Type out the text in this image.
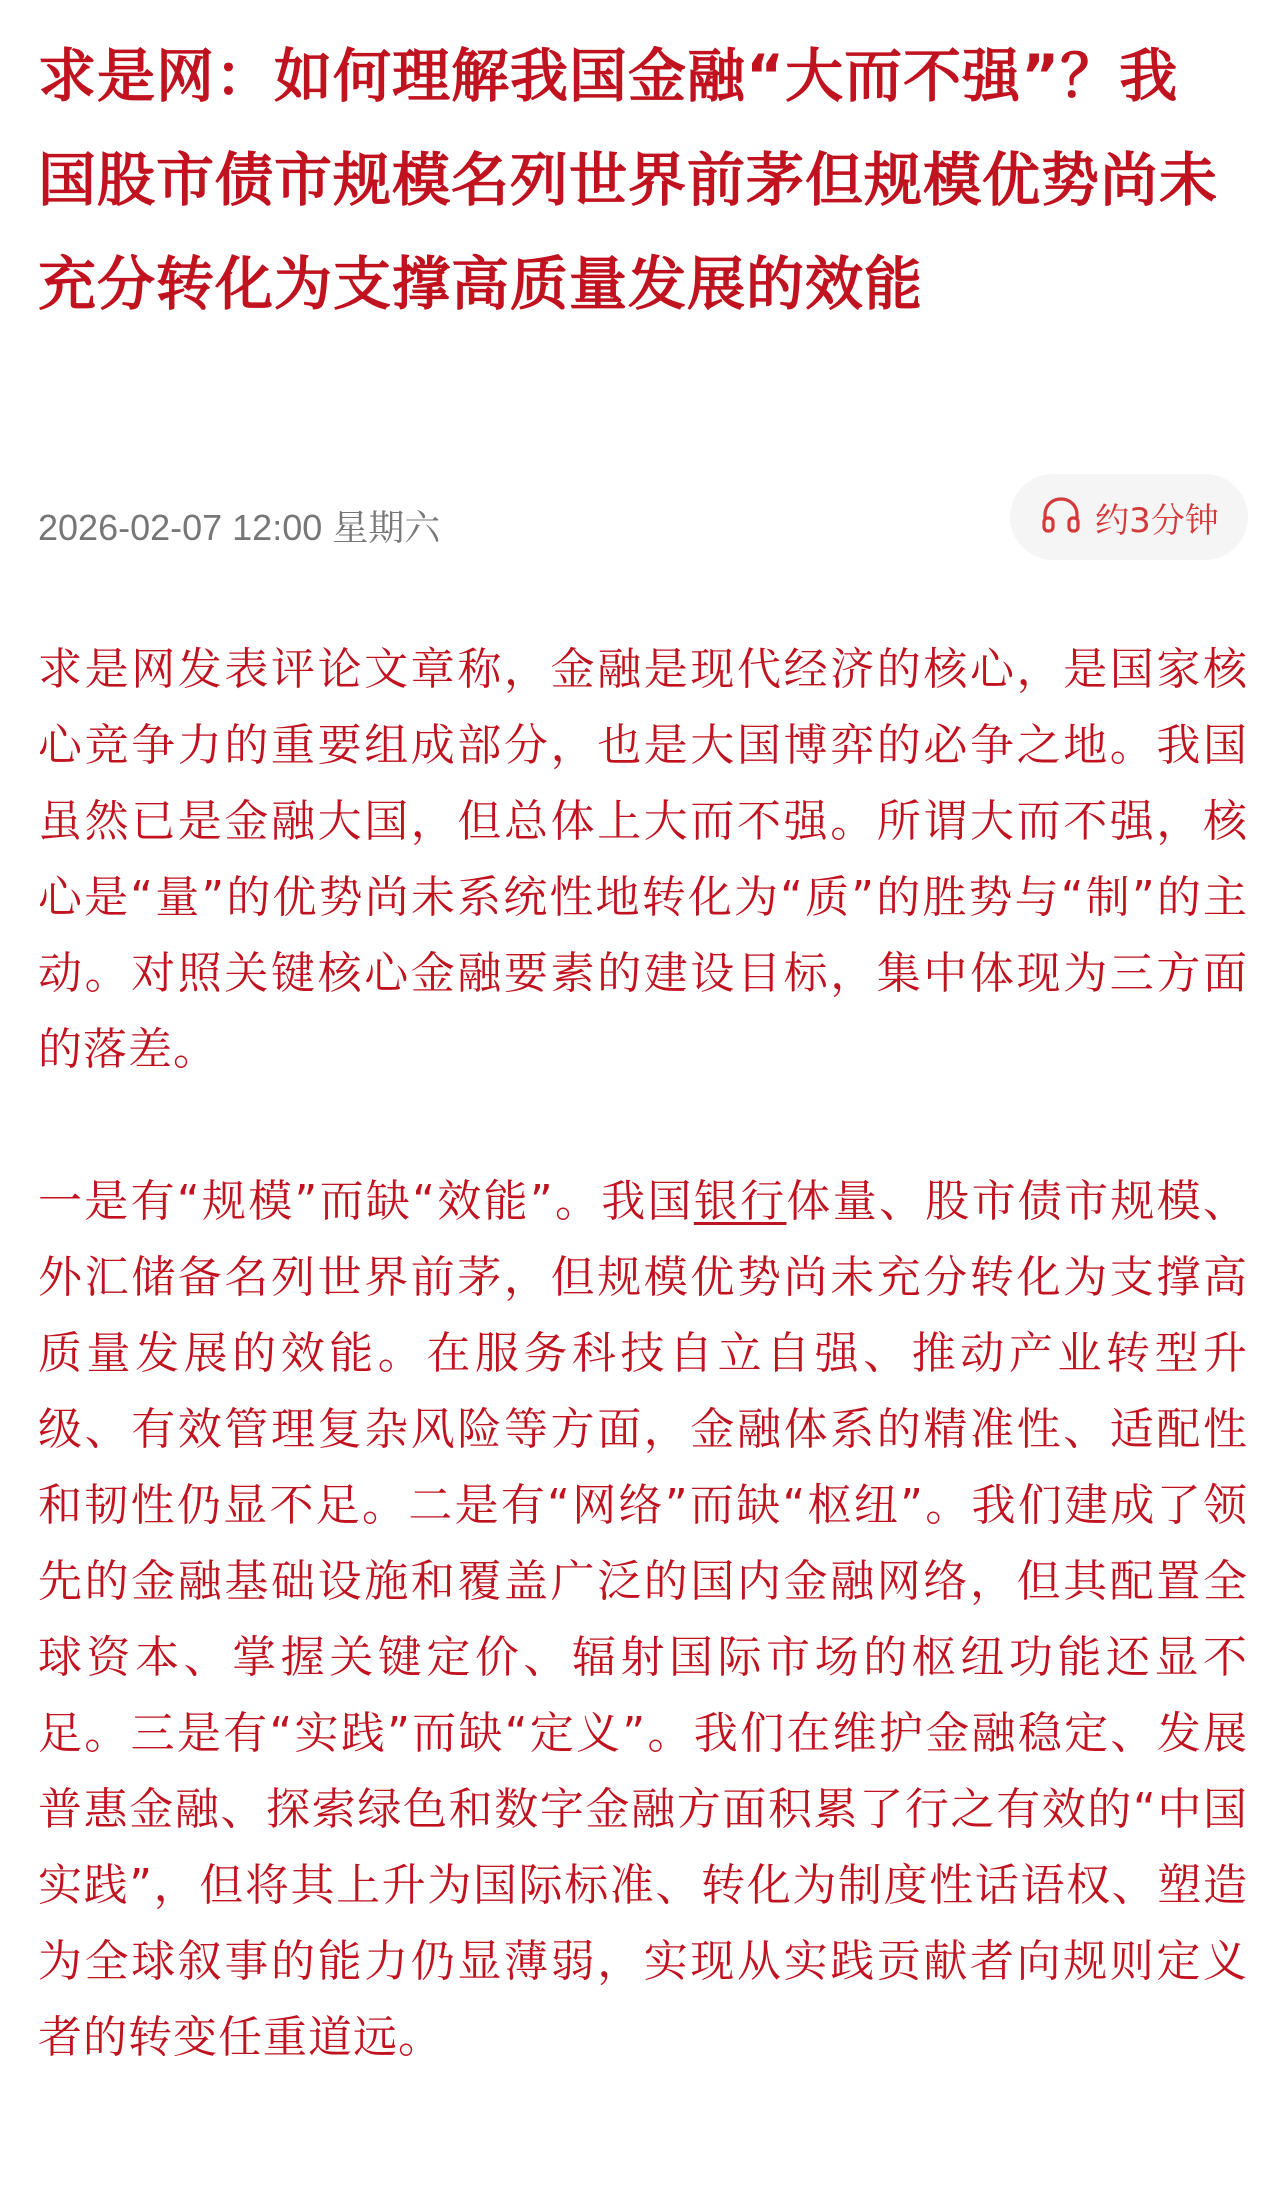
求是网：如何理解我国金融“大而不强”？我国股市债市规模名列世界前茅但规模优势尚未充分转化为支撑高质量发展的效能
2026-02-07 12:00 星期六	约3分钟

求是网发表评论文章称，金融是现代经济的核心，是国家核心竞争力的重要组成部分，也是大国博弈的必争之地。我国虽然已是金融大国，但总体上大而不强。所谓大而不强，核心是“量”的优势尚未系统性地转化为“质”的胜势与“制”的主动。对照关键核心金融要素的建设目标，集中体现为三方面的落差。

一是有“规模”而缺“效能”。我国银行体量、股市债市规模、外汇储备名列世界前茅，但规模优势尚未充分转化为支撑高质量发展的效能。在服务科技自立自强、推动产业转型升级、有效管理复杂风险等方面，金融体系的精准性、适配性和韧性仍显不足。二是有“网络”而缺“枢纽”。我们建成了领先的金融基础设施和覆盖广泛的国内金融网络，但其配置全球资本、掌握关键定价、辐射国际市场的枢纽功能还显不足。三是有“实践”而缺“定义”。我们在维护金融稳定、发展普惠金融、探索绿色和数字金融方面积累了行之有效的“中国实践”，但将其上升为国际标准、转化为制度性话语权、塑造为全球叙事的能力仍显薄弱，实现从实践贡献者向规则定义者的转变任重道远。
